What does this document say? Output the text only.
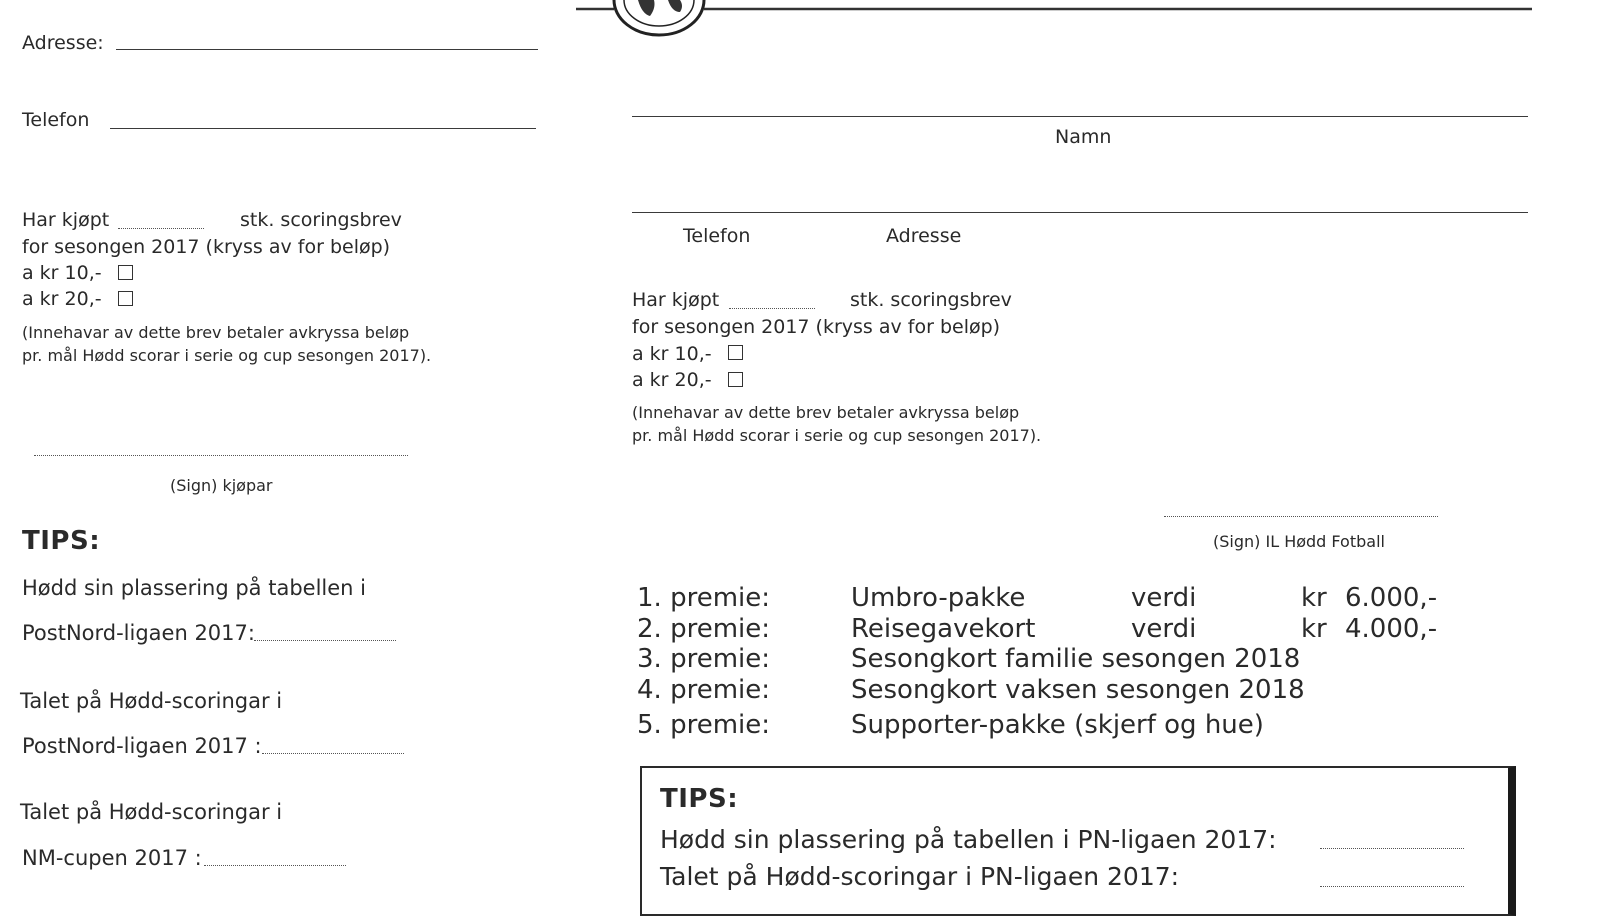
Adresse:
Telefon
Har kjøpt	stk. scoringsbrev
for sesongen 2017 (kryss av for beløp)
a kr 10,-
a kr 20,-
(Innehavar av dette brev betaler avkryssa beløp
pr. mål Hødd scorar i serie og cup sesongen 2017).
(Sign) kjøpar
TIPS:
Hødd sin plassering på tabellen i
PostNord-ligaen 2017:
Talet på Hødd-scoringar i
PostNord-ligaen 2017 :
Talet på Hødd-scoringar i
NM-cupen 2017 :
Namn
Telefon	Adresse
Har kjøpt	stk. scoringsbrev
for sesongen 2017 (kryss av for beløp)
a kr 10,-
a kr 20,-
(Innehavar av dette brev betaler avkryssa beløp
pr. mål Hødd scorar i serie og cup sesongen 2017).
(Sign) IL Hødd Fotball
1. premie:	Umbro-pakke	verdi	kr 6.000,-
2. premie:	Reisegavekort	verdi	kr 4.000,-
3. premie:	Sesongkort familie sesongen 2018
4. premie:	Sesongkort vaksen sesongen 2018
5. premie:	Supporter-pakke (skjerf og hue)
TIPS:
Hødd sin plassering på tabellen i PN-ligaen 2017:
Talet på Hødd-scoringar i PN-ligaen 2017:
